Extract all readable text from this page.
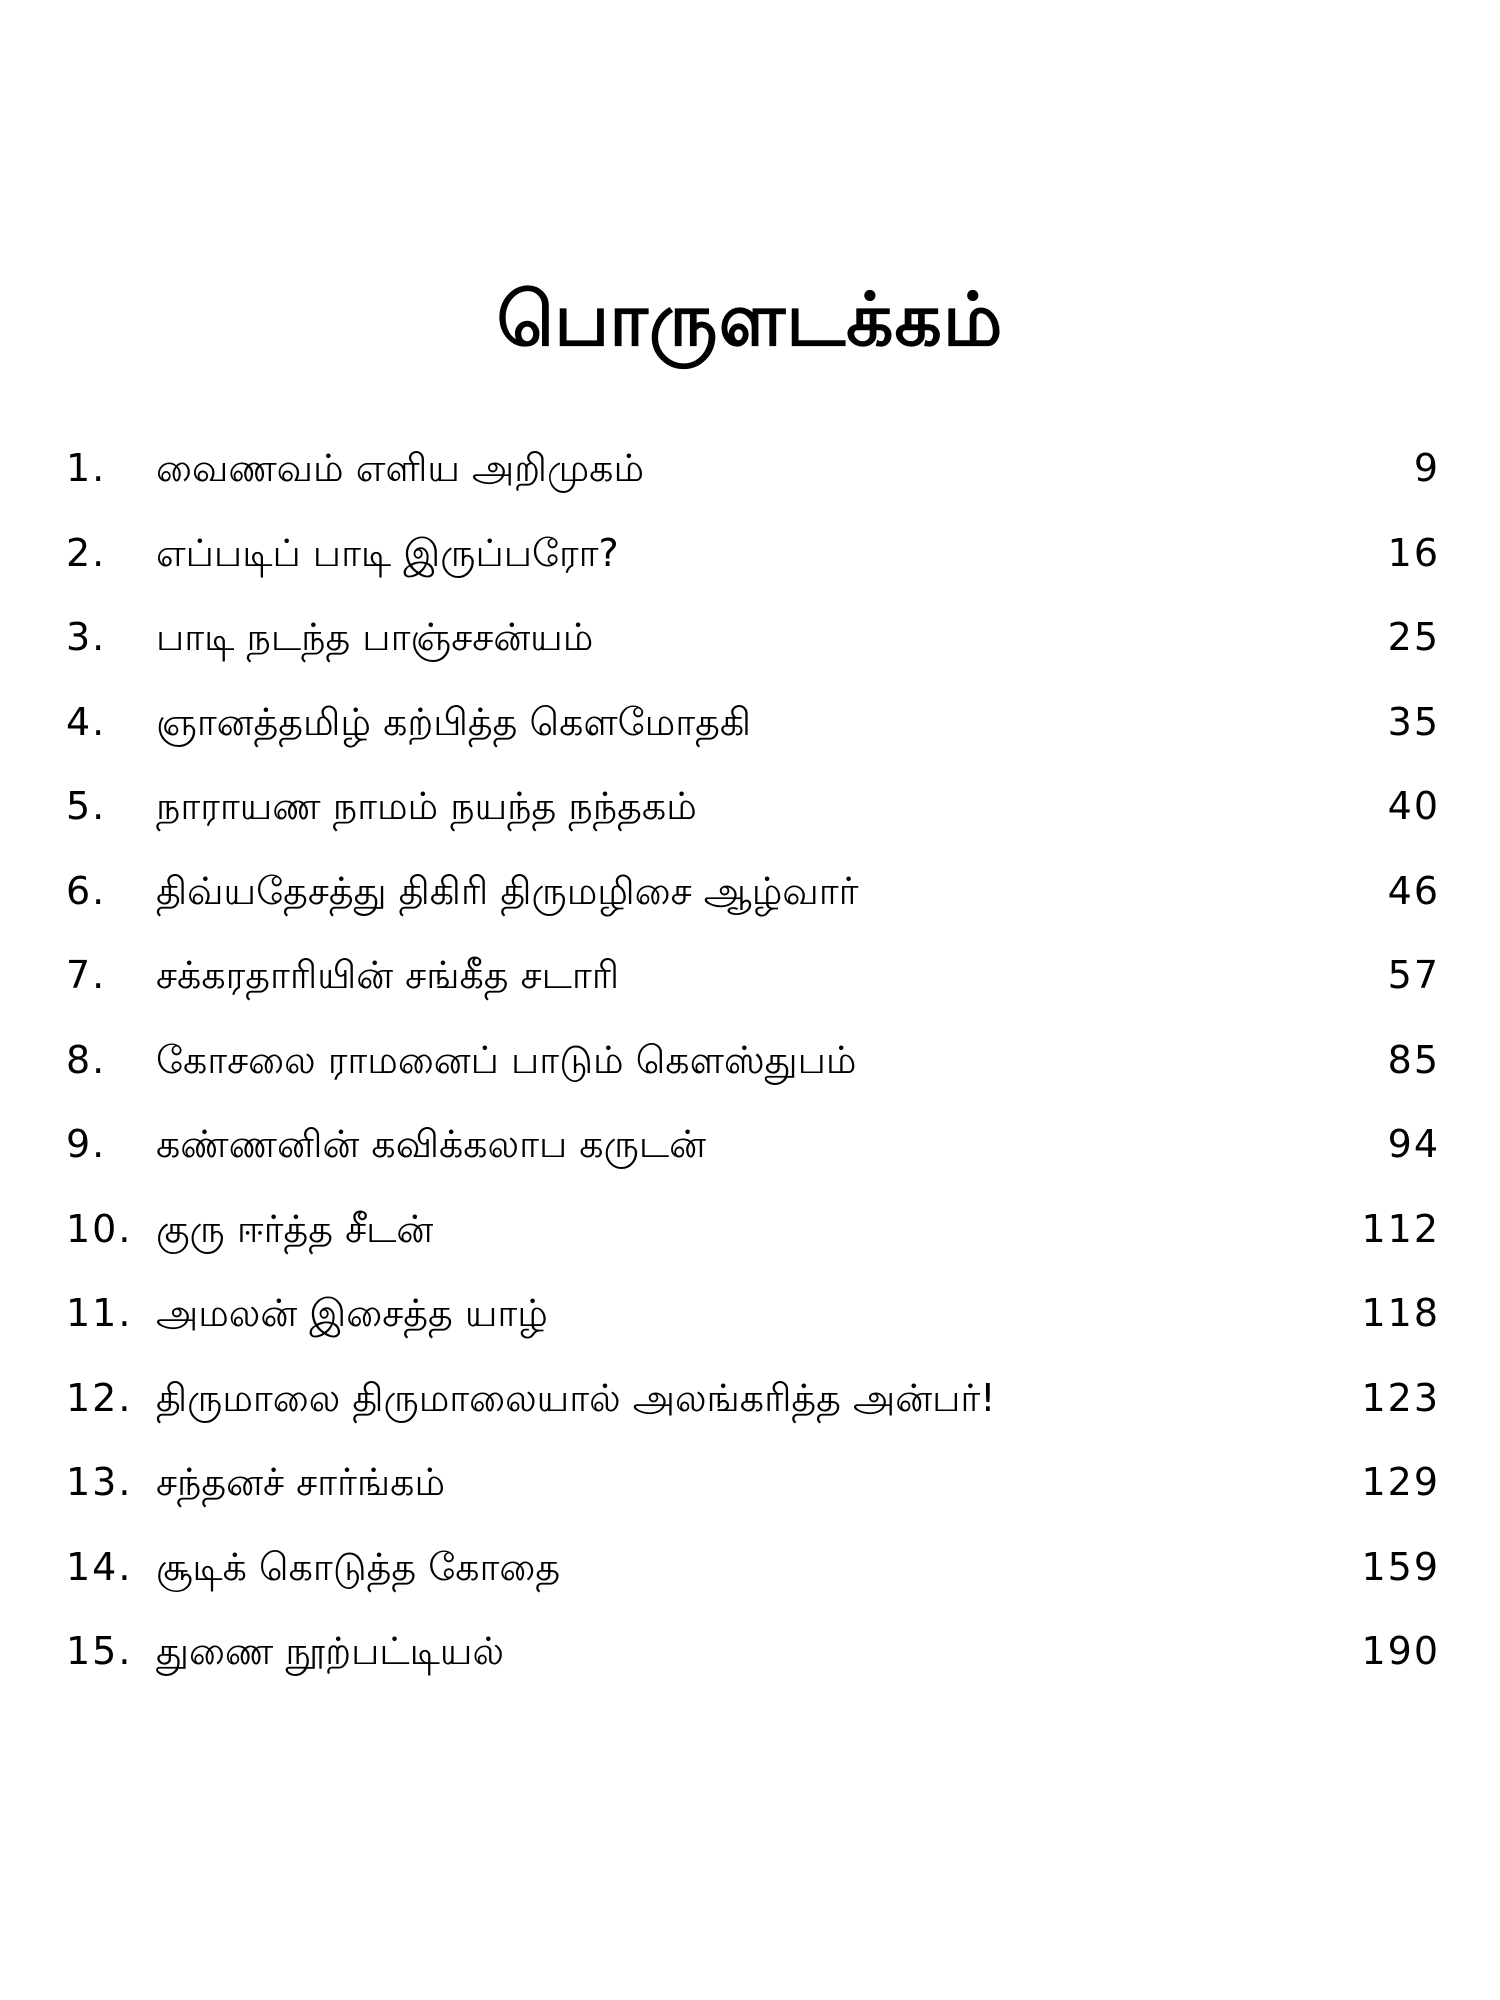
பொருளடக்கம்
1.	வைணவம் எளிய அறிமுகம்	9
2.	எப்படிப் பாடி இருப்பரோ?	16
3.	பாடி நடந்த பாஞ்சசன்யம்	25
4.	ஞானத்தமிழ் கற்பித்த கௌமோதகி	35
5.	நாராயண நாமம் நயந்த நந்தகம்	40
6.	திவ்யதேசத்து திகிரி திருமழிசை ஆழ்வார்	46
7.	சக்கரதாரியின் சங்கீத சடாரி	57
8.	கோசலை ராமனைப் பாடும் கௌஸ்துபம்	85
9.	கண்ணனின் கவிக்கலாப கருடன்	94
10. குரு ஈர்த்த சீடன்	112
11. அமலன் இசைத்த யாழ்	118
12. திருமாலை திருமாலையால் அலங்கரித்த அன்பர்!	123
13. சந்தனச் சார்ங்கம்	129
14. சூடிக் கொடுத்த கோதை	159
15. துணை நூற்பட்டியல்	190
